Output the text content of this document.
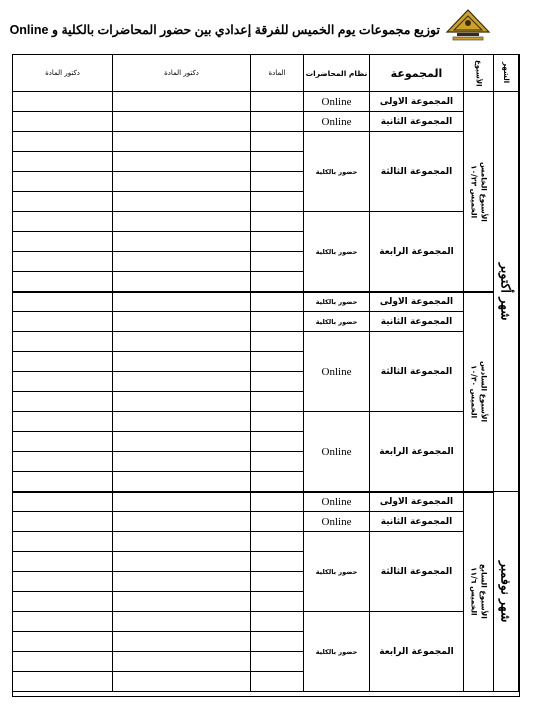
توزيع مجموعات يوم الخميس للفرقة إعدادي بين حضور المحاضرات بالكلية و Online
الشهر
الأسبوع
المجموعة
نظام المحاضرات
المادة
دكتور المادة
دكتور المادة
شهر أكتوبر
شهر نوفمبر
الأسبوع الخامس
الخميس ١٠/٢٣
المجموعة الاولى
Online
المجموعة الثانية
Online
المجموعة الثالثة
حضور بالكلية
المجموعة الرابعة
حضور بالكلية
الأسبوع السادس
الخميس ١٠/٣٠
المجموعة الاولى
حضور بالكلية
المجموعة الثانية
حضور بالكلية
المجموعة الثالثة
Online
المجموعة الرابعة
Online
الأسبوع السابع
الخميس ١١/٦
المجموعة الاولى
Online
المجموعة الثانية
Online
المجموعة الثالثة
حضور بالكلية
المجموعة الرابعة
حضور بالكلية
